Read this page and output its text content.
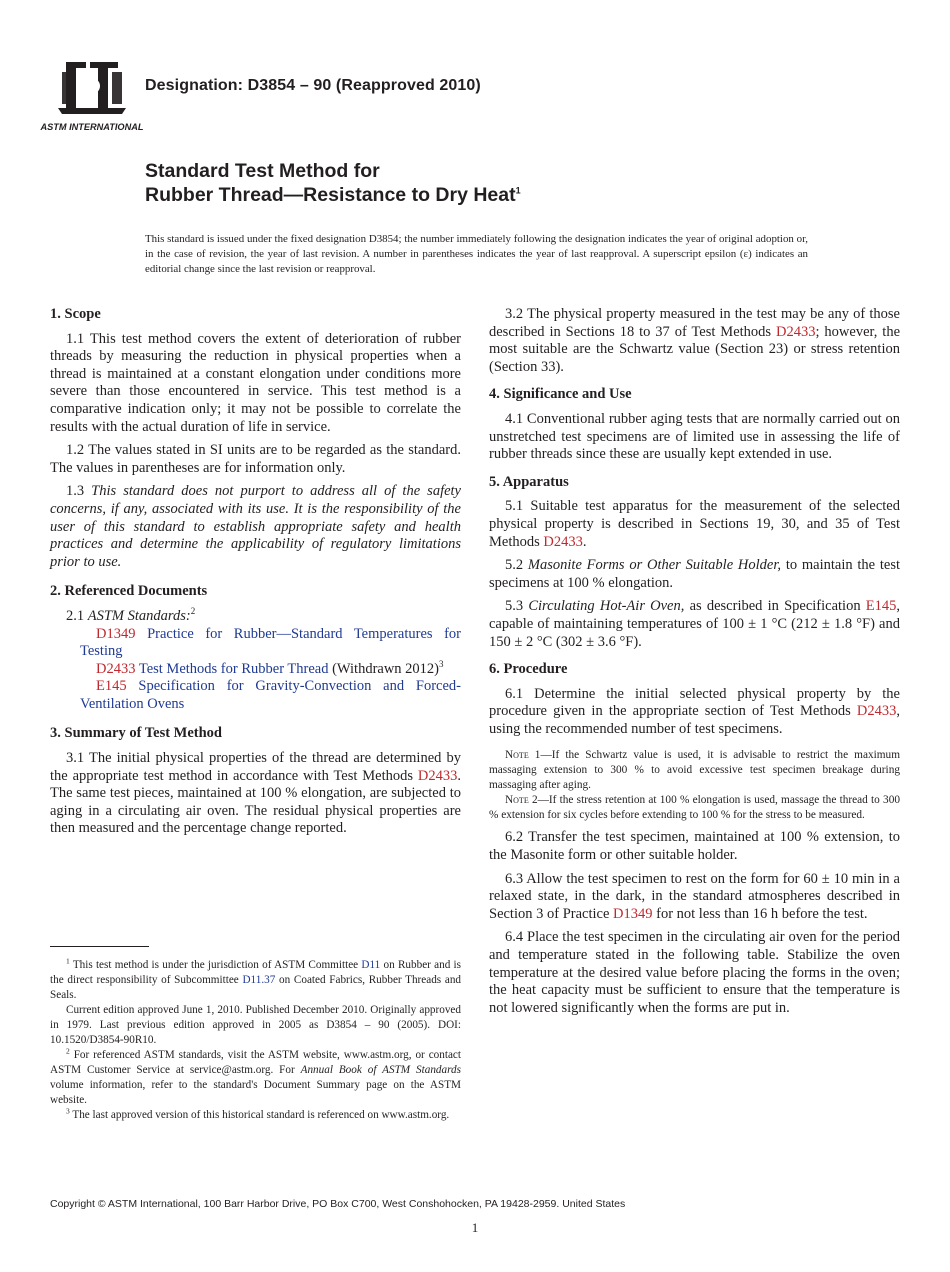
ASTM INTERNATIONAL
Designation: D3854 – 90 (Reapproved 2010)
Standard Test Method for
Rubber Thread—Resistance to Dry Heat$^1$
This standard is issued under the fixed designation D3854; the number immediately following the designation indicates the year of original adoption or, in the case of revision, the year of last revision. A number in parentheses indicates the year of last reapproval. A superscript epsilon (ε) indicates an editorial change since the last revision or reapproval.
1. Scope

1.1 This test method covers the extent of deterioration of rubber threads by measuring the reduction in physical properties when a thread is maintained at a constant elongation under conditions more severe than those encountered in service. This test method is a comparative indication only; it may not be possible to correlate the results with the actual duration of life in service.

1.2 The values stated in SI units are to be regarded as the standard. The values in parentheses are for information only.

1.3 This standard does not purport to address all of the safety concerns, if any, associated with its use. It is the responsibility of the user of this standard to establish appropriate safety and health practices and determine the applicability of regulatory limitations prior to use.

2. Referenced Documents

2.1 ASTM Standards:$^2$

D1349 Practice for Rubber—Standard Temperatures for Testing

D2433 Test Methods for Rubber Thread (Withdrawn 2012)$^3$

E145 Specification for Gravity-Convection and Forced-Ventilation Ovens

3. Summary of Test Method

3.1 The initial physical properties of the thread are determined by the appropriate test method in accordance with Test Methods D2433. The same test pieces, maintained at 100 % elongation, are subjected to aging in a circulating air oven. The residual physical properties are then measured and the percentage change reported.

$^1$ This test method is under the jurisdiction of ASTM Committee D11 on Rubber and is the direct responsibility of Subcommittee D11.37 on Coated Fabrics, Rubber Threads and Seals.

Current edition approved June 1, 2010. Published December 2010. Originally approved in 1979. Last previous edition approved in 2005 as D3854 – 90 (2005). DOI: 10.1520/D3854-90R10.

$^2$ For referenced ASTM standards, visit the ASTM website, www.astm.org, or contact ASTM Customer Service at service@astm.org. For Annual Book of ASTM Standards volume information, refer to the standard's Document Summary page on the ASTM website.

$^3$ The last approved version of this historical standard is referenced on www.astm.org.

3.2 The physical property measured in the test may be any of those described in Sections 18 to 37 of Test Methods D2433; however, the most suitable are the Schwartz value (Section 23) or stress retention (Section 33).

4. Significance and Use

4.1 Conventional rubber aging tests that are normally carried out on unstretched test specimens are of limited use in assessing the life of rubber threads since these are usually kept extended in use.

5. Apparatus

5.1 Suitable test apparatus for the measurement of the selected physical property is described in Sections 19, 30, and 35 of Test Methods D2433.

5.2 Masonite Forms or Other Suitable Holder, to maintain the test specimens at 100 % elongation.

5.3 Circulating Hot-Air Oven, as described in Specification E145, capable of maintaining temperatures of 100 ± 1 °C (212 ± 1.8 °F) and 150 ± 2 °C (302 ± 3.6 °F).

6. Procedure

6.1 Determine the initial selected physical property by the procedure given in the appropriate section of Test Methods D2433, using the recommended number of test specimens.

Note 1—If the Schwartz value is used, it is advisable to restrict the maximum massaging extension to 300 % to avoid excessive test specimen breakage during massaging after aging.

Note 2—If the stress retention at 100 % elongation is used, massage the thread to 300 % extension for six cycles before extending to 100 % for the stress to be measured.

6.2 Transfer the test specimen, maintained at 100 % extension, to the Masonite form or other suitable holder.

6.3 Allow the test specimen to rest on the form for 60 ± 10 min in a relaxed state, in the dark, in the standard atmospheres described in Section 3 of Practice D1349 for not less than 16 h before the test.

6.4 Place the test specimen in the circulating air oven for the period and temperature stated in the following table. Stabilize the oven temperature at the desired value before placing the forms in the oven; the heat capacity must be sufficient to ensure that the temperature is not lowered significantly when the forms are put in.

Copyright © ASTM International, 100 Barr Harbor Drive, PO Box C700, West Conshohocken, PA 19428-2959. United States
1
